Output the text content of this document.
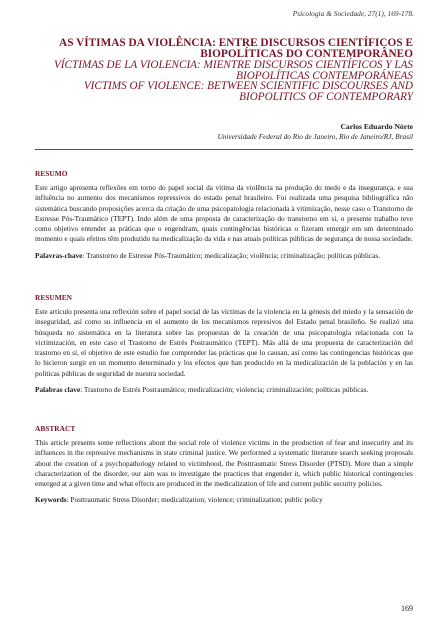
Psicologia & Sociedade, 27(1), 169-178.
AS VÍTIMAS DA VIOLÊNCIA: ENTRE DISCURSOS CIENTÍFICOS E
BIOPOLÍTICAS DO CONTEMPORÂNEO
VÍCTIMAS DE LA VIOLENCIA: MIENTRE DISCURSOS CIENTÍFICOS Y LAS
BIOPOLÍTICAS CONTEMPORÁNEAS
VICTIMS OF VIOLENCE: BETWEEN SCIENTIFIC DISCOURSES AND
BIOPOLITICS OF CONTEMPORARY
Carlos Eduardo Nórte
Universidade Federal do Rio de Janeiro, Rio de Janeiro/RJ, Brasil

RESUMO

Este artigo apresenta reflexões em torno do papel social da vítima da violência na produção do medo e da insegurança, e sua influência no aumento dos mecanismos repressivos do estado penal brasileiro. Foi realizada uma pesquisa bibliográfica não sistemática buscando proposições acerca da criação de uma psicopatologia relacionada à vitimização, nesse caso o Transtorno de Estresse Pós-Traumático (TEPT). Indo além de uma proposta de caracterização do transtorno em si, o presente trabalho teve como objetivo entender as práticas que o engendram, quais contingências históricas o fizeram emergir em um determinado momento e quais efeitos têm produzido na medicalização da vida e nas atuais políticas públicas de segurança de nossa sociedade.

Palavras-chave: Transtorno de Estresse Pós-Traumático; medicalização; violência; criminalização; políticas públicas.

RESUMEN

Este artículo presenta una reflexión sobre el papel social de las víctimas de la violencia en la génesis del miedo y la sensación de inseguridad, así como su influencia en el aumento de los mecanismos represivos del Estado penal brasileño. Se realizó una búsqueda no sistemática en la literatura sobre las propuestas de la creación de una psicopatología relacionada con la victimización, en este caso el Trastorno de Estrés Postraumático (TEPT). Más allá de una propuesta de caracterización del trastorno en sí, el objetivo de este estudio fue comprender las prácticas que lo causan, así como las contingencias históricas que lo hicieron surgir en un momento determinado y los efectos que han producido en la medicalización de la población y en las políticas públicas de seguridad de nuestra sociedad.

Palabras clave: Trastorno de Estrés Postraumático; medicalización; violencia; criminalización; políticas públicas.

ABSTRACT

This article presents some reflections about the social role of violence victims in the production of fear and insecurity and its influences in the repressive mechanisms in state criminal justice. We performed a systematic literature search seeking proposals about the creation of a psychopathology related to victimhood, the Posttraumatic Stress Disorder (PTSD). More than a simple characterization of the disorder, our aim was to investigate the practices that engender it, which public historical contingencies emerged at a given time and what effects are produced in the medicalization of life and current public security policies.

Keywords: Posttraumatic Stress Disorder; medicalization; violence; criminalization; public policy

169
